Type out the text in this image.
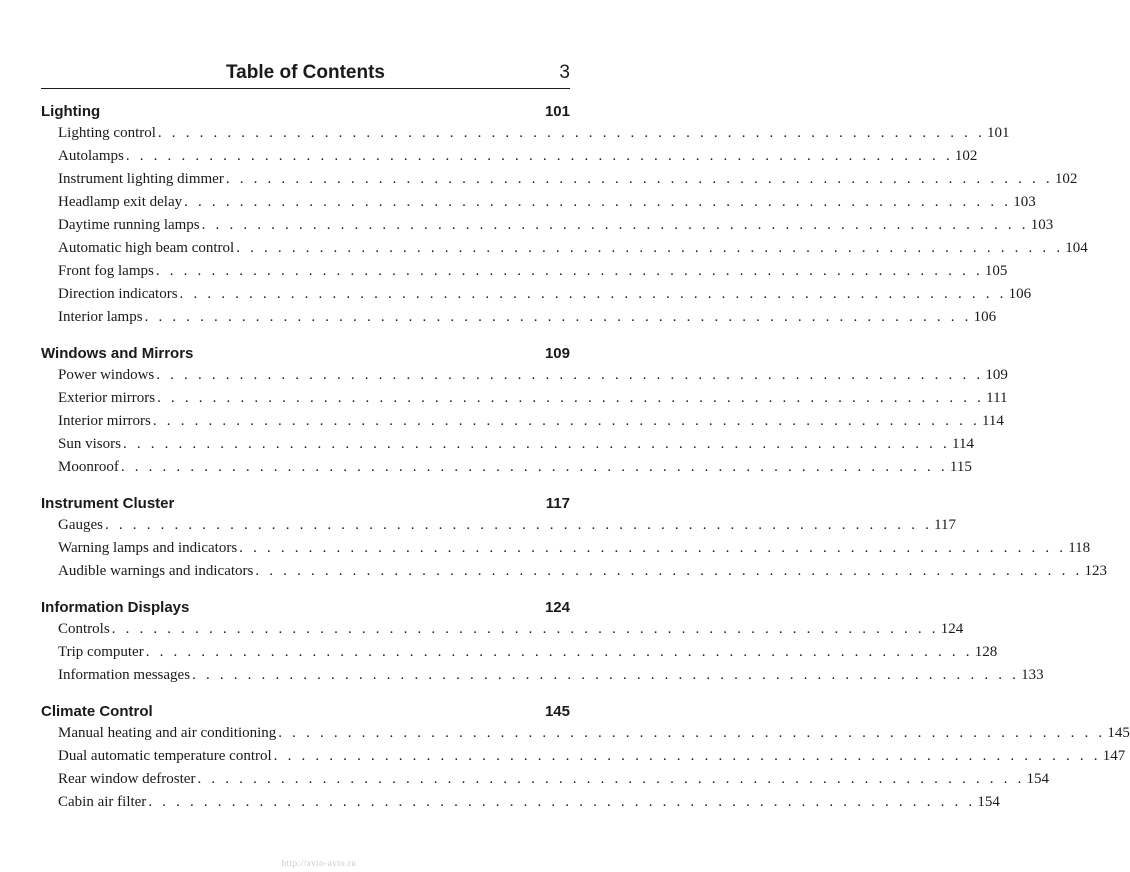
Table of Contents	3
Lighting	101
Lighting control . . . . . . . . . . . . . . . . . . . . . . . . . . . . . . . . . . . . . . . . . . . . . . . . . . . . . . . . . . . . 101
Autolamps . . . . . . . . . . . . . . . . . . . . . . . . . . . . . . . . . . . . . . . . . . . . . . . . . . . . . . . . . . . . 102
Instrument lighting dimmer . . . . . . . . . . . . . . . . . . . . . . . . . . . . . . . . . . . . . . . . . . . . . . . . . . . . . . . . . . . . 102
Headlamp exit delay . . . . . . . . . . . . . . . . . . . . . . . . . . . . . . . . . . . . . . . . . . . . . . . . . . . . . . . . . . . . 103
Daytime running lamps . . . . . . . . . . . . . . . . . . . . . . . . . . . . . . . . . . . . . . . . . . . . . . . . . . . . . . . . . . . . 103
Automatic high beam control . . . . . . . . . . . . . . . . . . . . . . . . . . . . . . . . . . . . . . . . . . . . . . . . . . . . . . . . . . . . 104
Front fog lamps . . . . . . . . . . . . . . . . . . . . . . . . . . . . . . . . . . . . . . . . . . . . . . . . . . . . . . . . . . . . 105
Direction indicators . . . . . . . . . . . . . . . . . . . . . . . . . . . . . . . . . . . . . . . . . . . . . . . . . . . . . . . . . . . . 106
Interior lamps . . . . . . . . . . . . . . . . . . . . . . . . . . . . . . . . . . . . . . . . . . . . . . . . . . . . . . . . . . . . 106
Windows and Mirrors	109
Power windows . . . . . . . . . . . . . . . . . . . . . . . . . . . . . . . . . . . . . . . . . . . . . . . . . . . . . . . . . . . . 109
Exterior mirrors . . . . . . . . . . . . . . . . . . . . . . . . . . . . . . . . . . . . . . . . . . . . . . . . . . . . . . . . . . . . 111
Interior mirrors . . . . . . . . . . . . . . . . . . . . . . . . . . . . . . . . . . . . . . . . . . . . . . . . . . . . . . . . . . . . 114
Sun visors . . . . . . . . . . . . . . . . . . . . . . . . . . . . . . . . . . . . . . . . . . . . . . . . . . . . . . . . . . . . 114
Moonroof . . . . . . . . . . . . . . . . . . . . . . . . . . . . . . . . . . . . . . . . . . . . . . . . . . . . . . . . . . . . 115
Instrument Cluster	117
Gauges . . . . . . . . . . . . . . . . . . . . . . . . . . . . . . . . . . . . . . . . . . . . . . . . . . . . . . . . . . . . 117
Warning lamps and indicators . . . . . . . . . . . . . . . . . . . . . . . . . . . . . . . . . . . . . . . . . . . . . . . . . . . . . . . . . . . . 118
Audible warnings and indicators . . . . . . . . . . . . . . . . . . . . . . . . . . . . . . . . . . . . . . . . . . . . . . . . . . . . . . . . . . . . 123
Information Displays	124
Controls . . . . . . . . . . . . . . . . . . . . . . . . . . . . . . . . . . . . . . . . . . . . . . . . . . . . . . . . . . . . 124
Trip computer . . . . . . . . . . . . . . . . . . . . . . . . . . . . . . . . . . . . . . . . . . . . . . . . . . . . . . . . . . . . 128
Information messages . . . . . . . . . . . . . . . . . . . . . . . . . . . . . . . . . . . . . . . . . . . . . . . . . . . . . . . . . . . . 133
Climate Control	145
Manual heating and air conditioning . . . . . . . . . . . . . . . . . . . . . . . . . . . . . . . . . . . . . . . . . . . . . . . . . . . . . . . . . . . . 145
Dual automatic temperature control . . . . . . . . . . . . . . . . . . . . . . . . . . . . . . . . . . . . . . . . . . . . . . . . . . . . . . . . . . . . 147
Rear window defroster . . . . . . . . . . . . . . . . . . . . . . . . . . . . . . . . . . . . . . . . . . . . . . . . . . . . . . . . . . . . 154
Cabin air filter . . . . . . . . . . . . . . . . . . . . . . . . . . . . . . . . . . . . . . . . . . . . . . . . . . . . . . . . . . . . 154
http://avto-avto.ru
